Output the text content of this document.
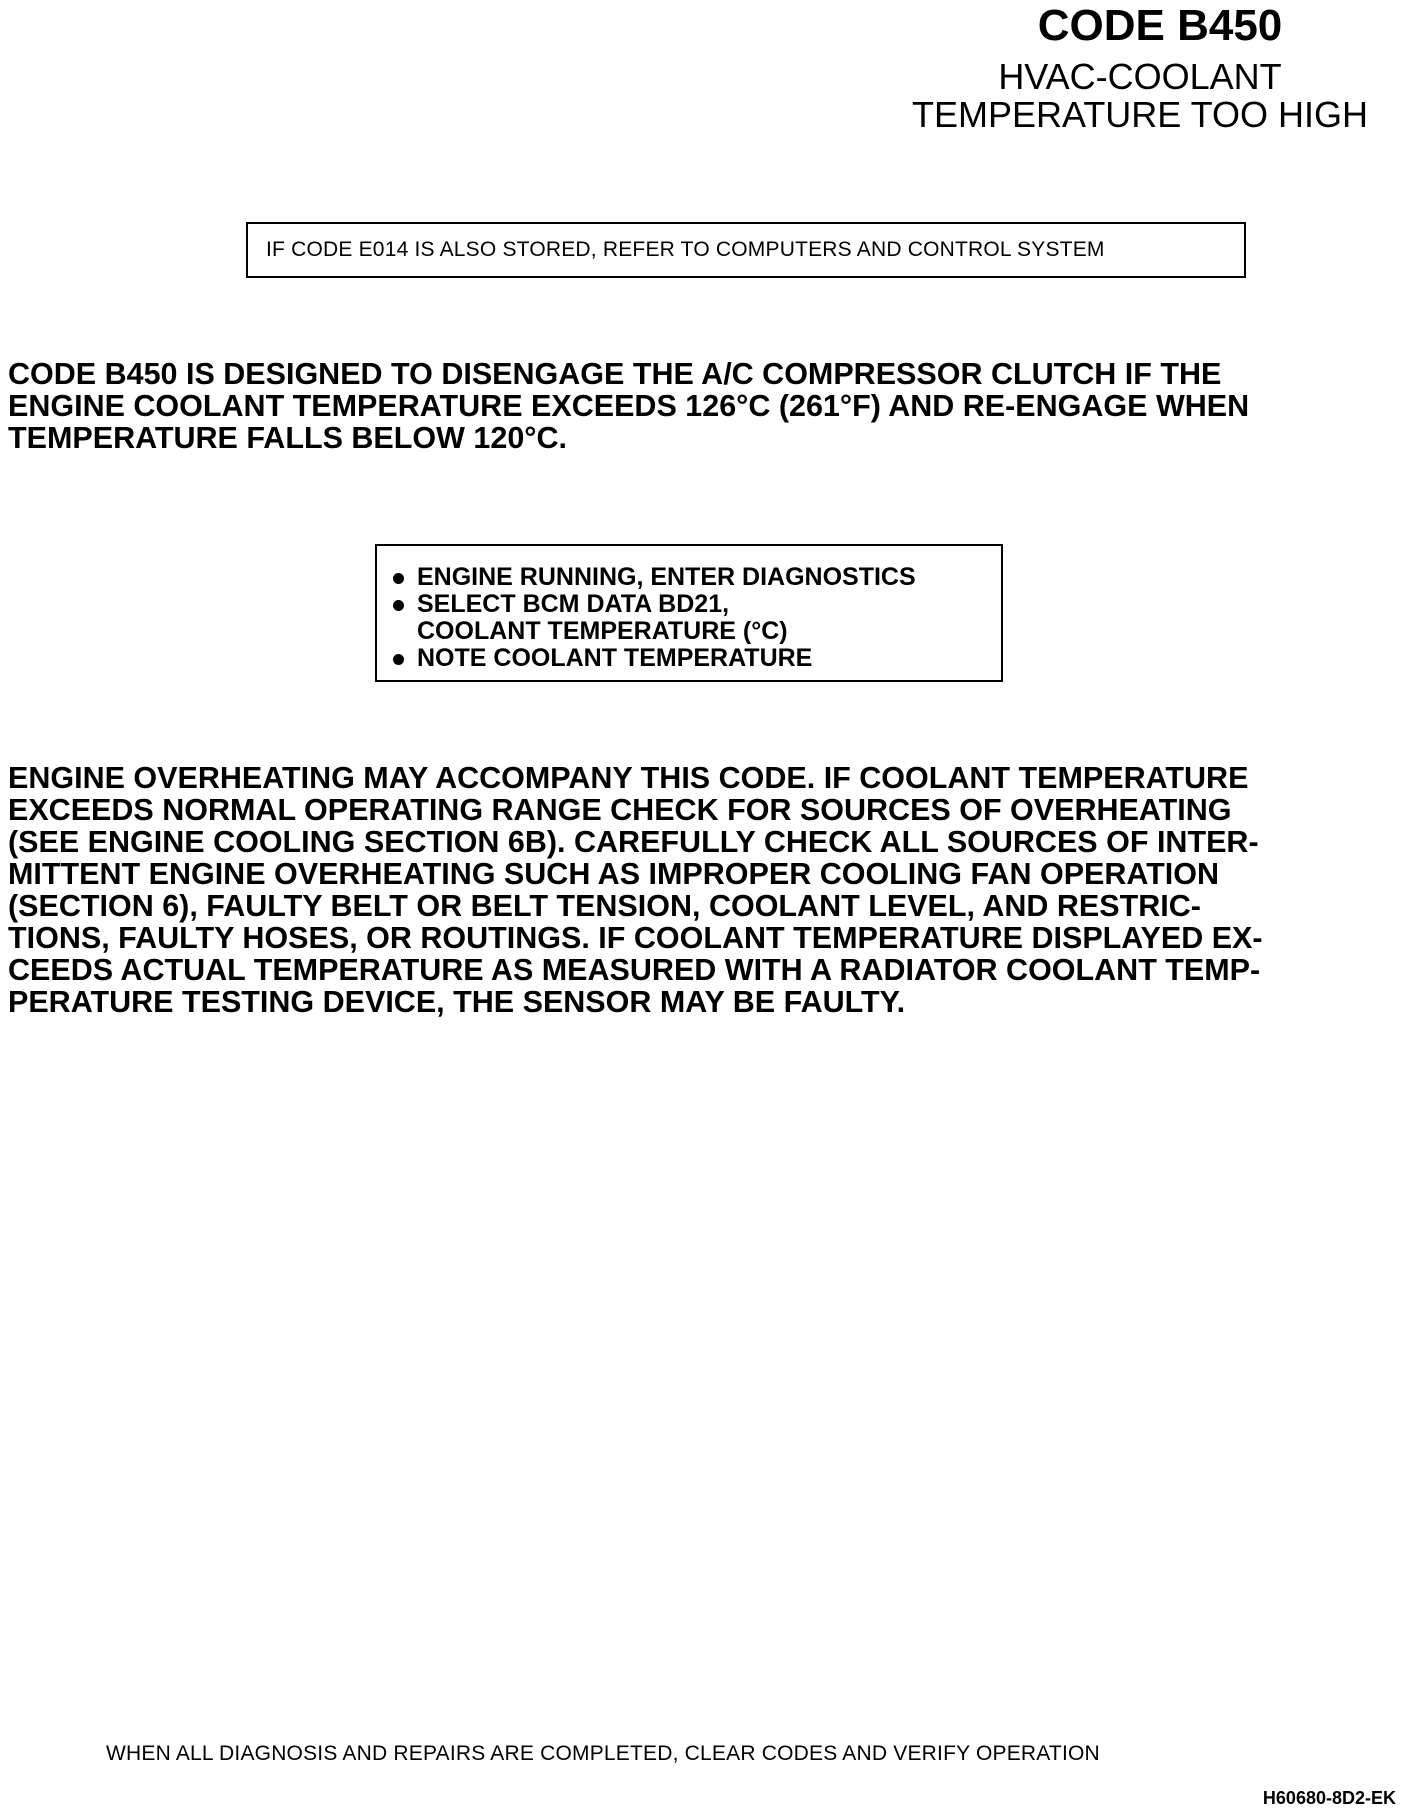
CODE B450
HVAC-COOLANT
TEMPERATURE TOO HIGH
IF CODE E014 IS ALSO STORED, REFER TO COMPUTERS AND CONTROL SYSTEM
CODE B450 IS DESIGNED TO DISENGAGE THE A/C COMPRESSOR CLUTCH IF THE
ENGINE COOLANT TEMPERATURE EXCEEDS 126°C (261°F) AND RE-ENGAGE WHEN
TEMPERATURE FALLS BELOW 120°C.
ENGINE RUNNING, ENTER DIAGNOSTICS
SELECT BCM DATA BD21,
COOLANT TEMPERATURE (°C)
NOTE COOLANT TEMPERATURE
ENGINE OVERHEATING MAY ACCOMPANY THIS CODE. IF COOLANT TEMPERATURE
EXCEEDS NORMAL OPERATING RANGE CHECK FOR SOURCES OF OVERHEATING
(SEE ENGINE COOLING SECTION 6B). CAREFULLY CHECK ALL SOURCES OF INTER-
MITTENT ENGINE OVERHEATING SUCH AS IMPROPER COOLING FAN OPERATION
(SECTION 6), FAULTY BELT OR BELT TENSION, COOLANT LEVEL, AND RESTRIC-
TIONS, FAULTY HOSES, OR ROUTINGS. IF COOLANT TEMPERATURE DISPLAYED EX-
CEEDS ACTUAL TEMPERATURE AS MEASURED WITH A RADIATOR COOLANT TEMP-
PERATURE TESTING DEVICE, THE SENSOR MAY BE FAULTY.
WHEN ALL DIAGNOSIS AND REPAIRS ARE COMPLETED, CLEAR CODES AND VERIFY OPERATION
H60680-8D2-EK
